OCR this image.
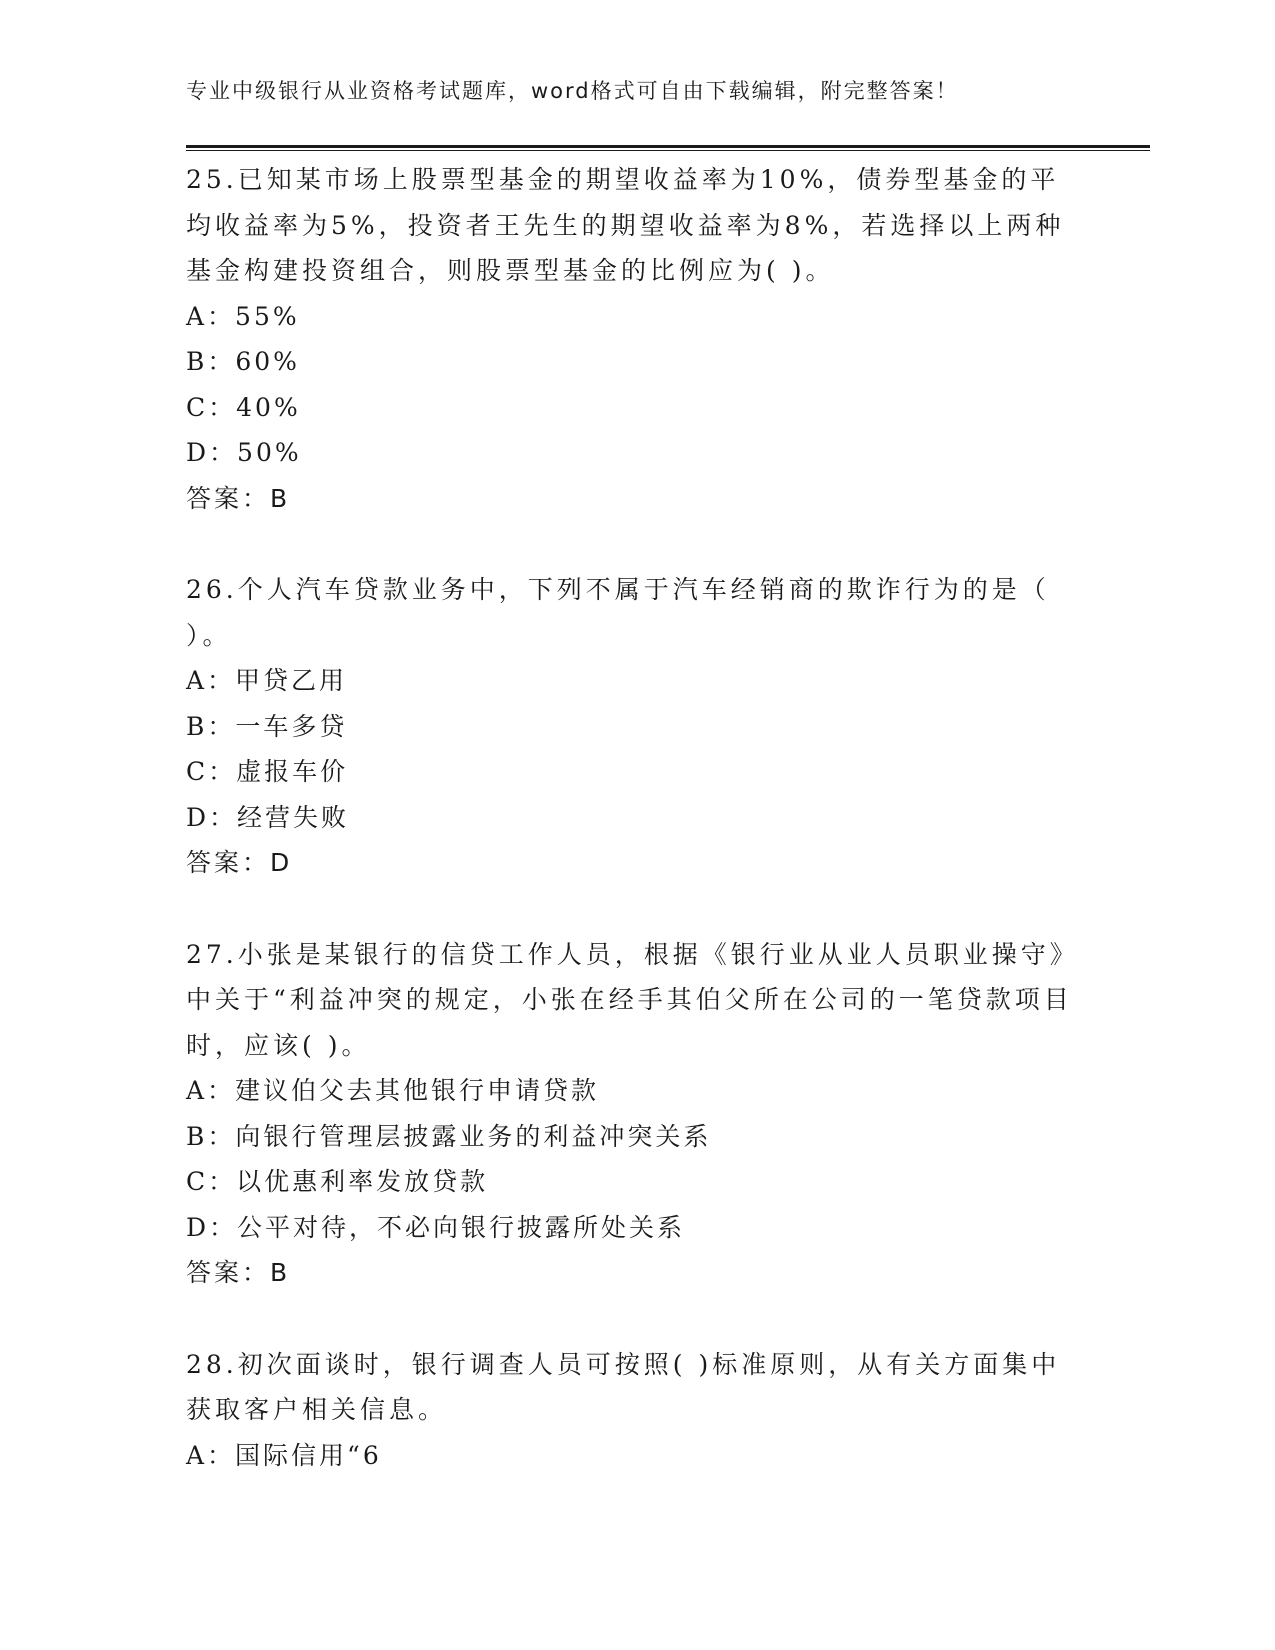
专业中级银行从业资格考试题库，word格式可自由下载编辑，附完整答案！

25.已知某市场上股票型基金的期望收益率为10%，债券型基金的平均收益率为5%，投资者王先生的期望收益率为8%，若选择以上两种基金构建投资组合，则股票型基金的比例应为( )。

A：55%

B：60%

C：40%

D：50%

答案：B

26.个人汽车贷款业务中，下列不属于汽车经销商的欺诈行为的是（ ）。

A：甲贷乙用

B：一车多贷

C：虚报车价

D：经营失败

答案：D

27.小张是某银行的信贷工作人员，根据《银行业从业人员职业操守》中关于“利益冲突的规定，小张在经手其伯父所在公司的一笔贷款项目时，应该( )。

A：建议伯父去其他银行申请贷款

B：向银行管理层披露业务的利益冲突关系

C：以优惠利率发放贷款

D：公平对待，不必向银行披露所处关系

答案：B

28.初次面谈时，银行调查人员可按照( )标准原则，从有关方面集中获取客户相关信息。

A：国际信用“6
